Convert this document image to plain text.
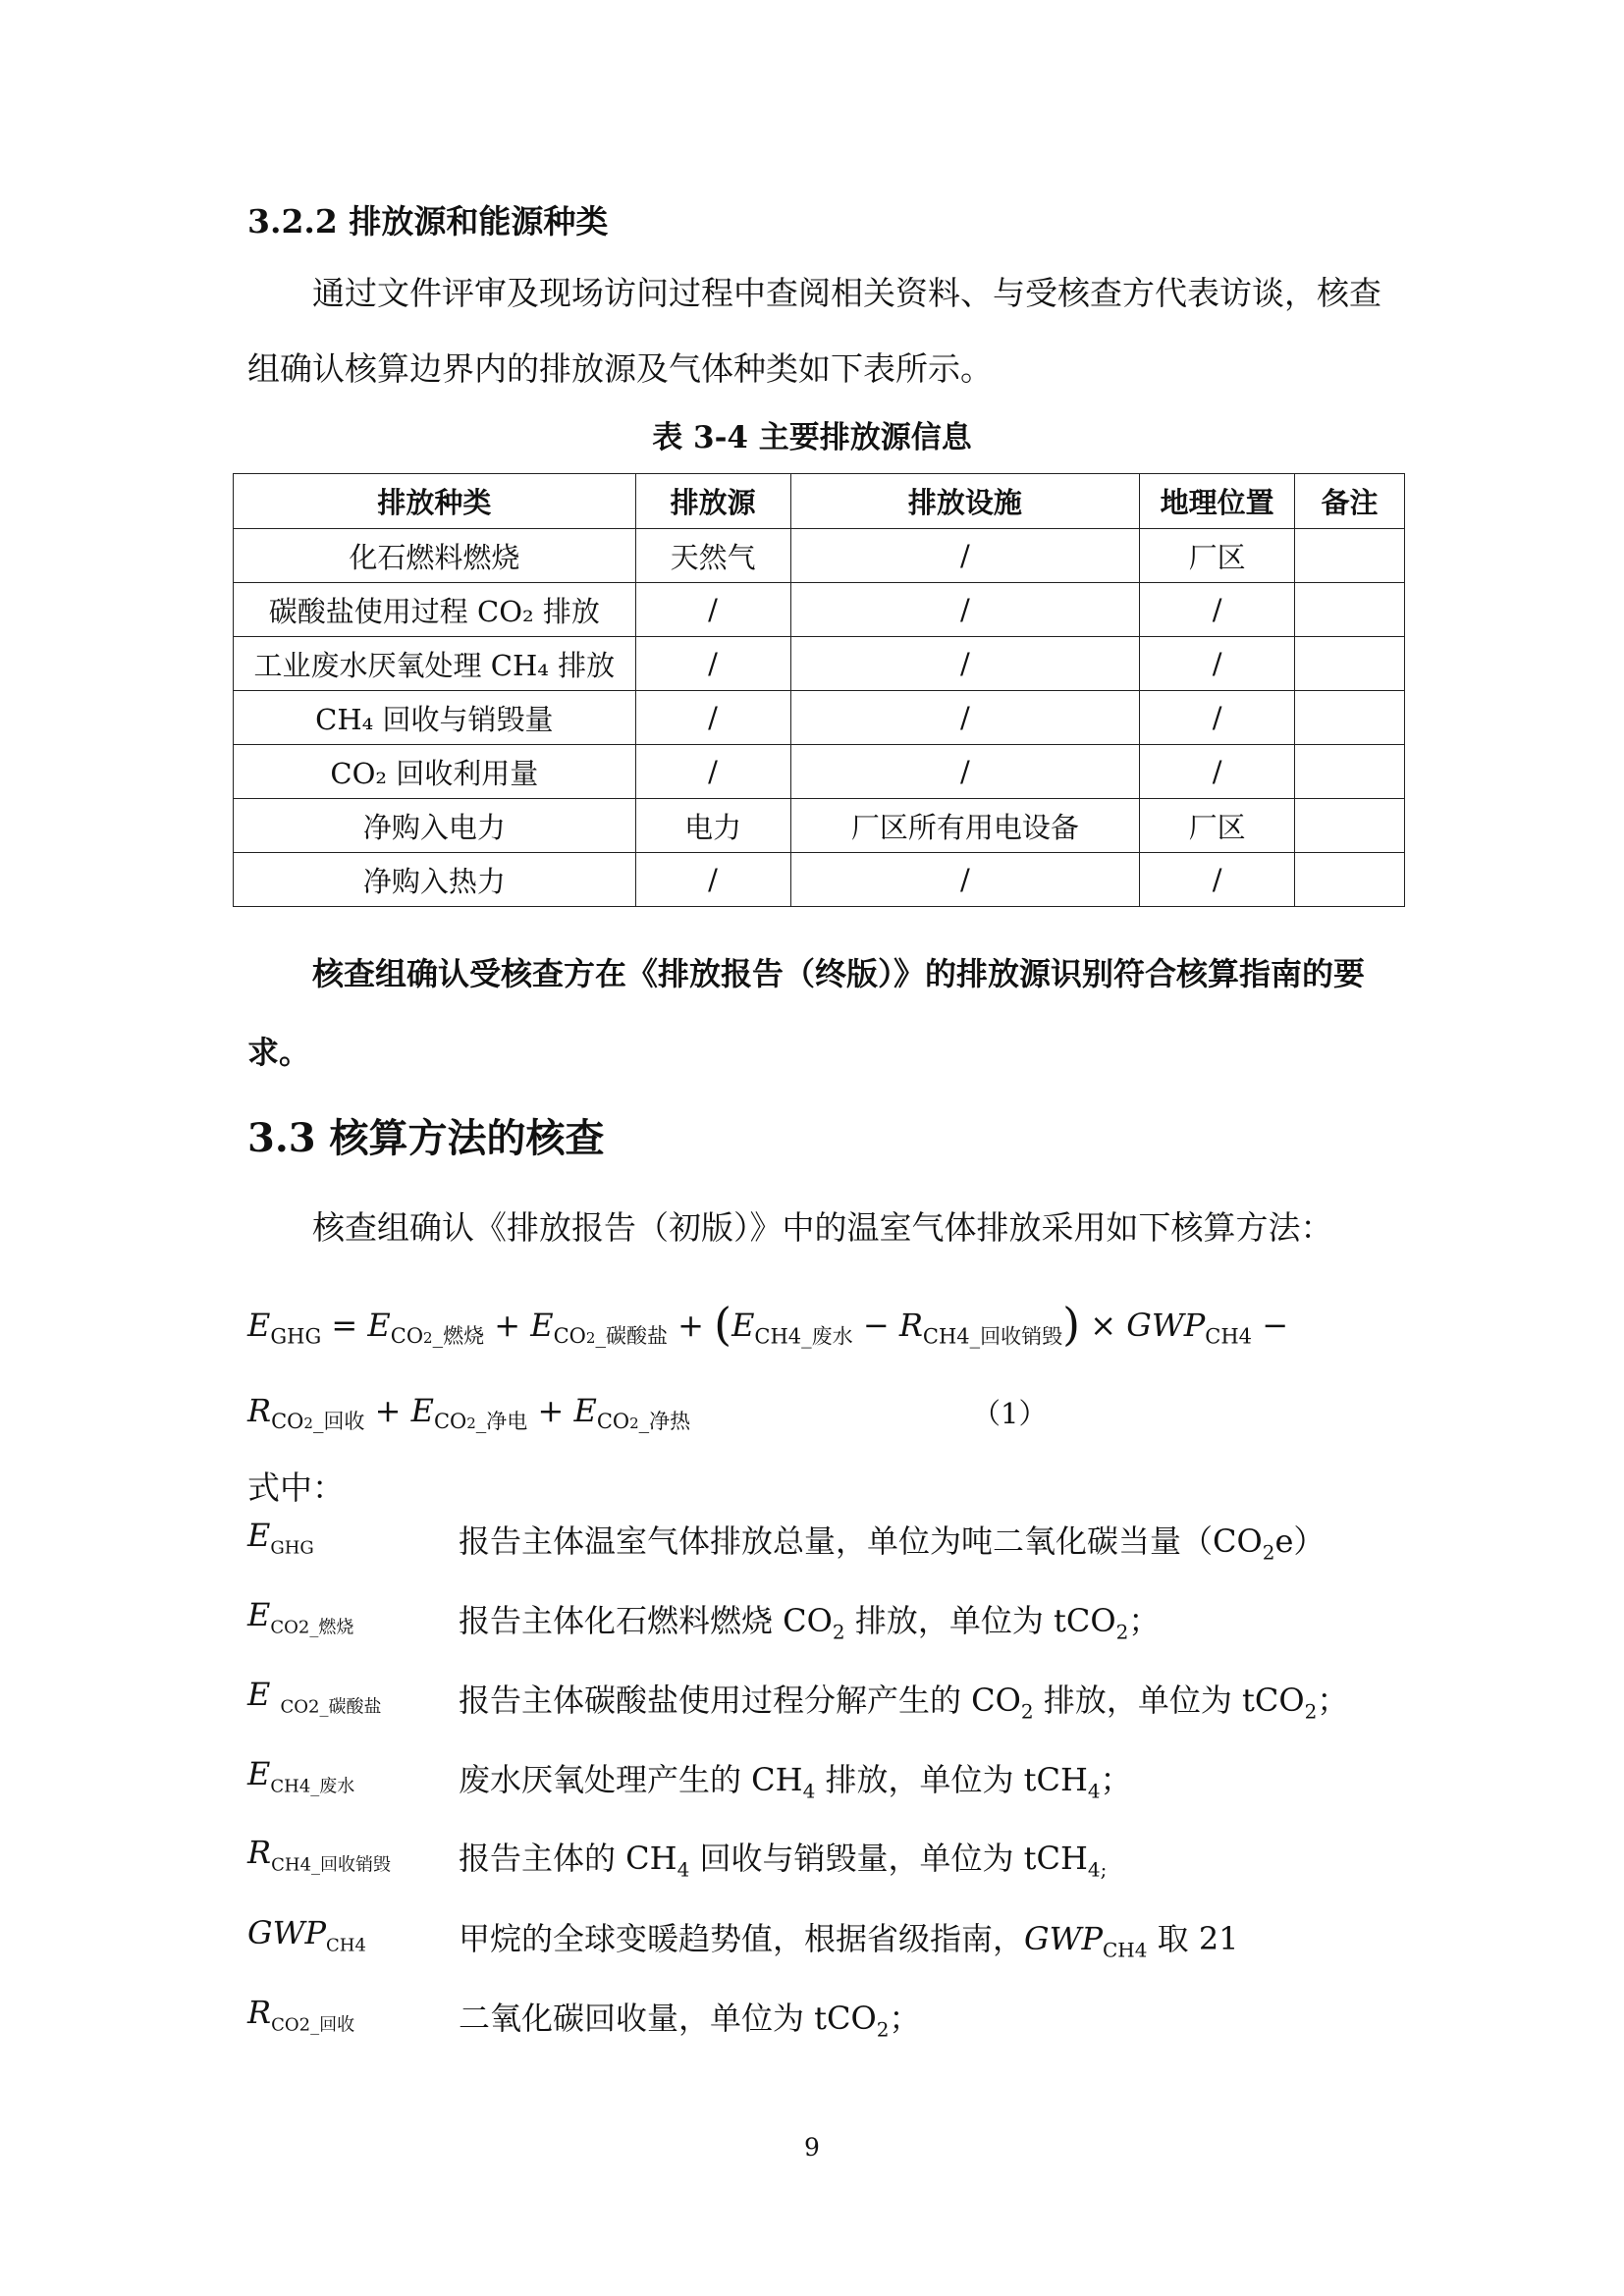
3.2.2 排放源和能源种类
通过文件评审及现场访问过程中查阅相关资料、与受核查方代表访谈，核查组确认核算边界内的排放源及气体种类如下表所示。
表 3-4 主要排放源信息
排放种类	排放源	排放设施	地理位置	备注
化石燃料燃烧	天然气	/	厂区	
碳酸盐使用过程 CO₂ 排放	/	/	/	
工业废水厌氧处理 CH₄ 排放	/	/	/	
CH₄ 回收与销毁量	/	/	/	
CO₂ 回收利用量	/	/	/	
净购入电力	电力	厂区所有用电设备	厂区	
净购入热力	/	/	/	
核查组确认受核查方在《排放报告（终版）》的排放源识别符合核算指南的要求。
3.3 核算方法的核查
核查组确认《排放报告（初版）》中的温室气体排放采用如下核算方法：
$E_{GHG} = E_{CO2\_燃烧} + E_{CO2\_碳酸盐} + (E_{CH4\_废水} - R_{CH4\_回收销毁}) \times GWP_{CH4}$ −
$R_{CO2\_回收} + E_{CO2\_净电} + E_{CO2\_净热}$	（1）
式中：
$E_{GHG}$	报告主体温室气体排放总量，单位为吨二氧化碳当量$(CO_2e)$
$E_{CO2\_燃烧}$	报告主体化石燃料燃烧 $CO_2$ 排放，单位为 tCO$_2$；
E $_{CO2\_碳酸盐}$ 报告主体碳酸盐使用过程分解产生的 $CO_2$ 排放，单位为 tCO$_2$；
$E_{CH4\_废水}$	废水厌氧处理产生的 $CH_4$ 排放，单位为 tCH$_4$；
$R_{CH4\_回收销毁}$ 报告主体的 $CH_4$ 回收与销毁量，单位为 tCH$_{4;}$
$GWP_{CH4}$	甲烷的全球变暖趋势值，根据省级指南，$GWP_{CH4}$ 取 21
$R_{CO2\_回收}$	二氧化碳回收量，单位为 tCO$_2$；
9
